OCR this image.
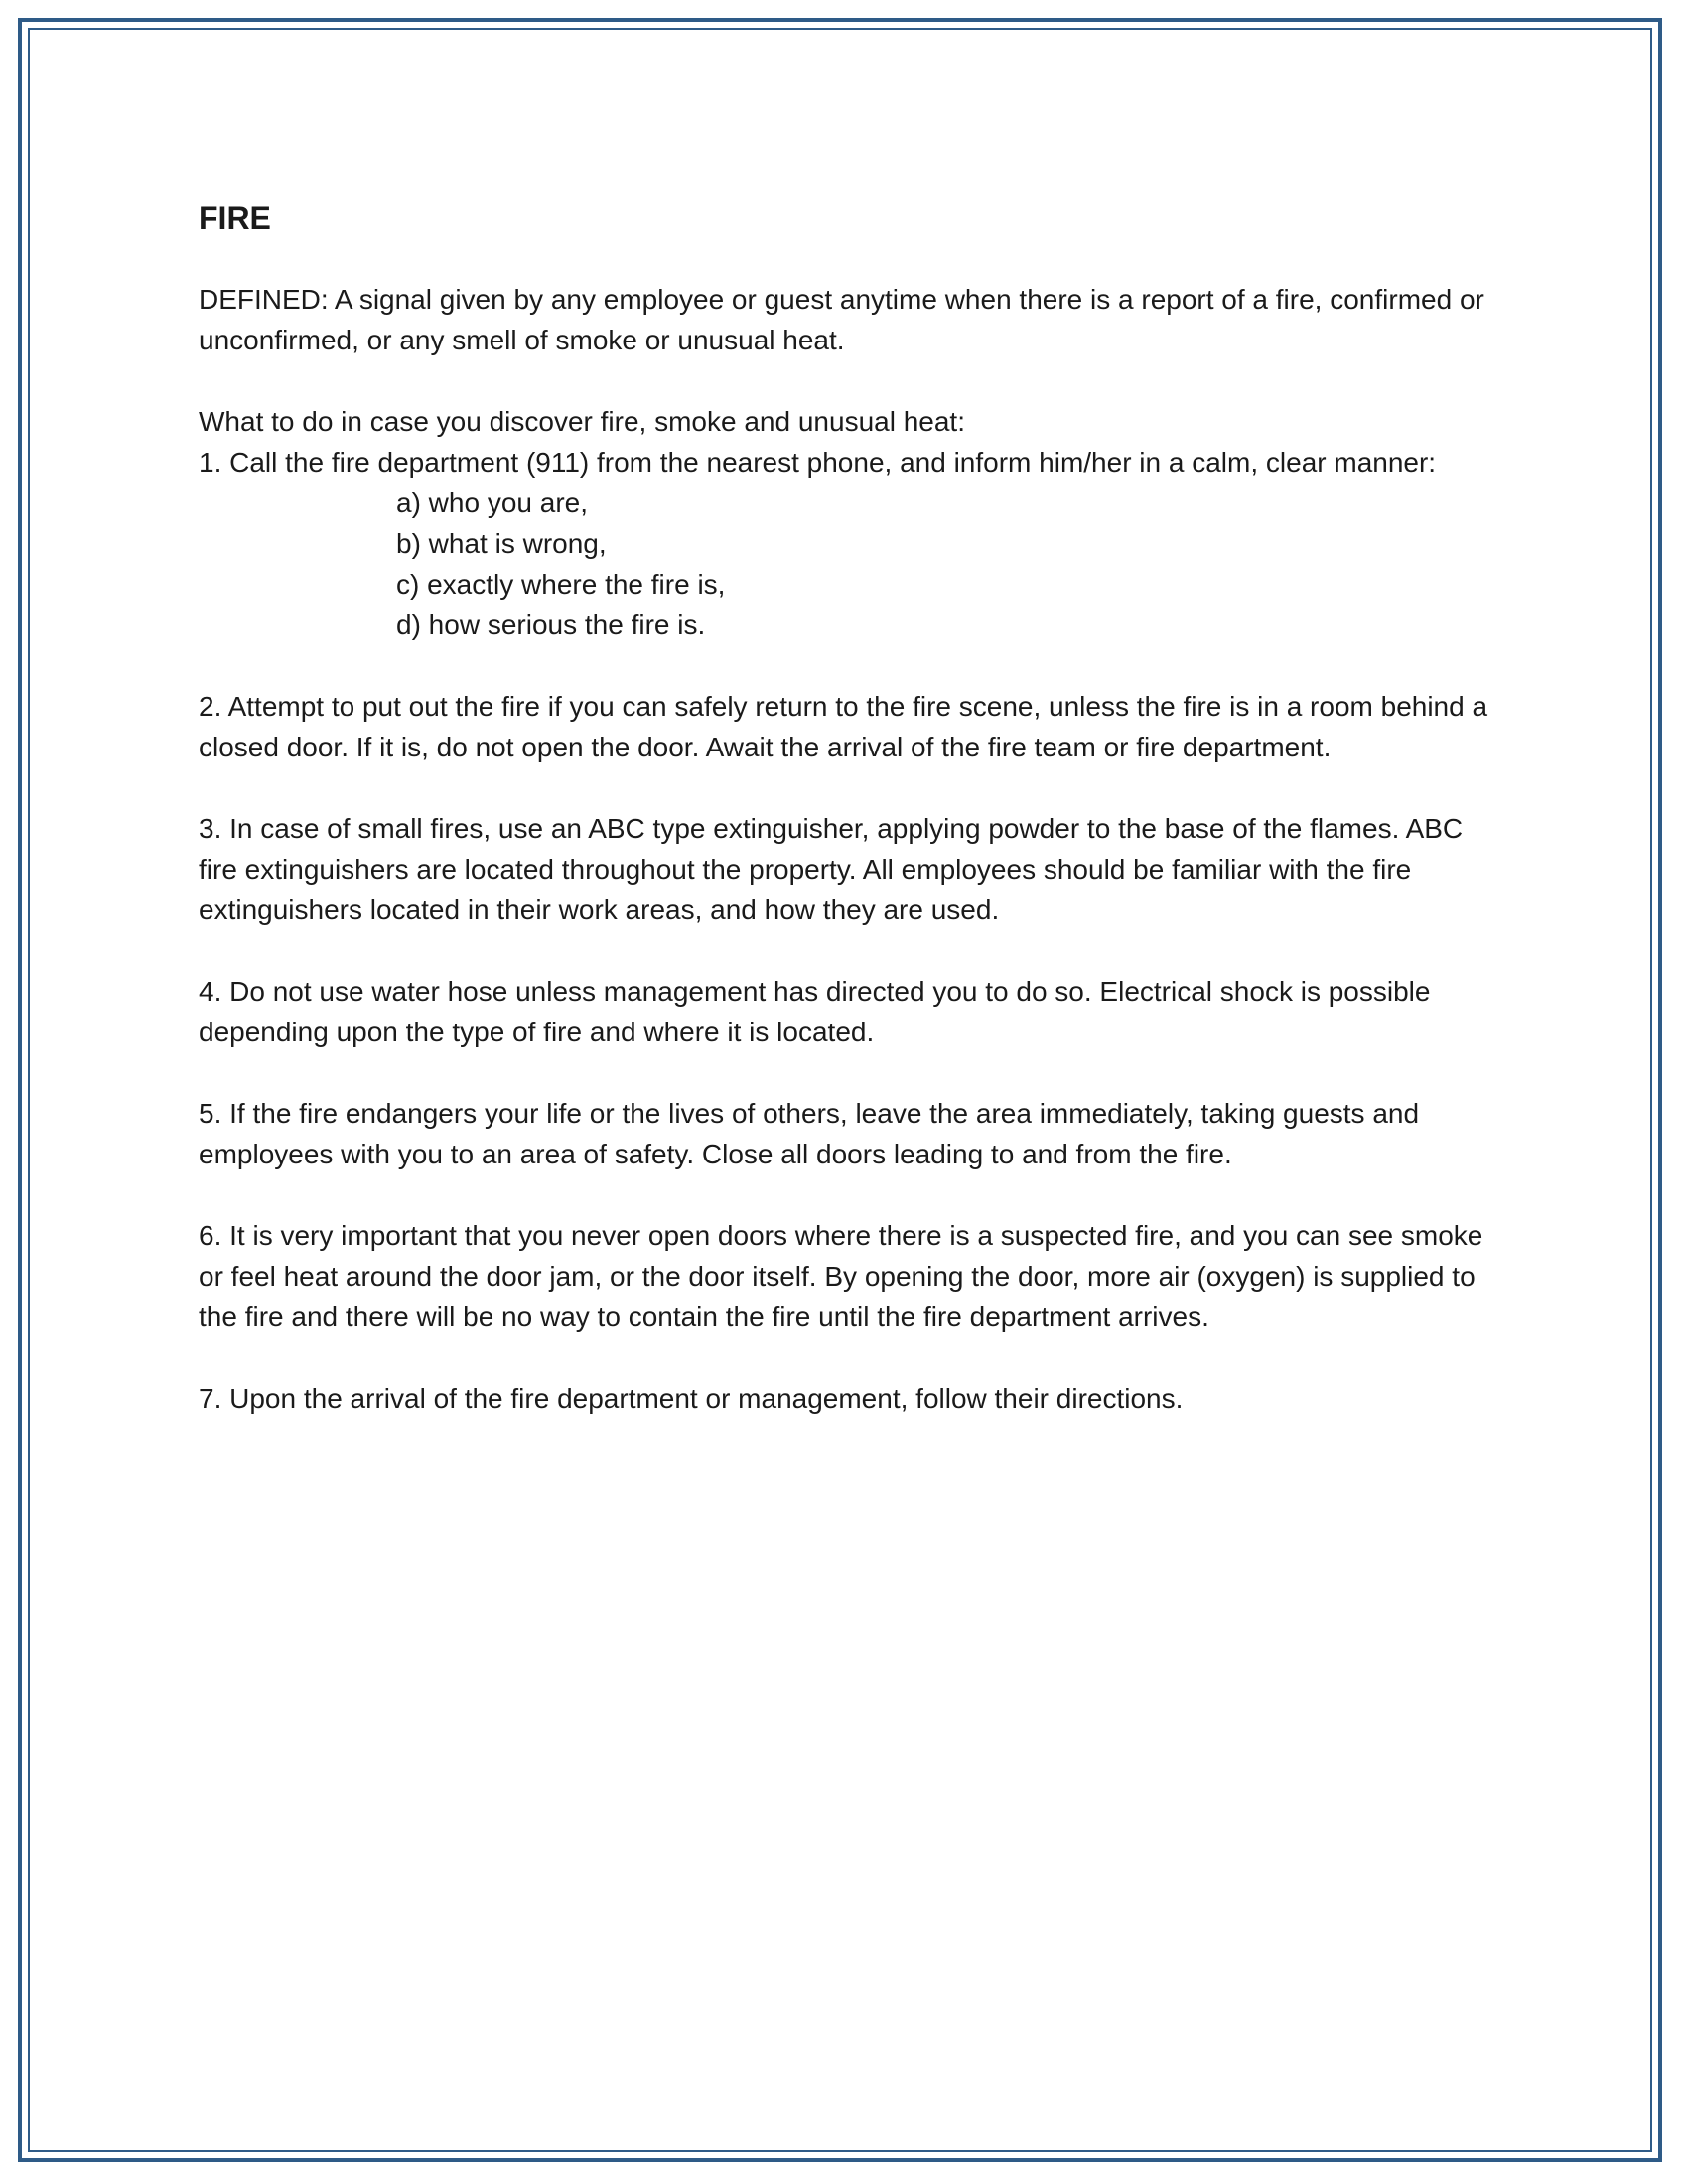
FIRE

DEFINED: A signal given by any employee or guest anytime when there is a report of a fire, confirmed or unconfirmed, or any smell of smoke or unusual heat.

What to do in case you discover fire, smoke and unusual heat:
1. Call the fire department (911) from the nearest phone, and inform him/her in a calm, clear manner:
a) who you are,
b) what is wrong,
c) exactly where the fire is,
d) how serious the fire is.

2. Attempt to put out the fire if you can safely return to the fire scene, unless the fire is in a room behind a closed door. If it is, do not open the door. Await the arrival of the fire team or fire department.

3. In case of small fires, use an ABC type extinguisher, applying powder to the base of the flames. ABC fire extinguishers are located throughout the property. All employees should be familiar with the fire extinguishers located in their work areas, and how they are used.

4. Do not use water hose unless management has directed you to do so. Electrical shock is possible depending upon the type of fire and where it is located.

5. If the fire endangers your life or the lives of others, leave the area immediately, taking guests and employees with you to an area of safety. Close all doors leading to and from the fire.

6. It is very important that you never open doors where there is a suspected fire, and you can see smoke or feel heat around the door jam, or the door itself. By opening the door, more air (oxygen) is supplied to the fire and there will be no way to contain the fire until the fire department arrives.

7. Upon the arrival of the fire department or management, follow their directions.
